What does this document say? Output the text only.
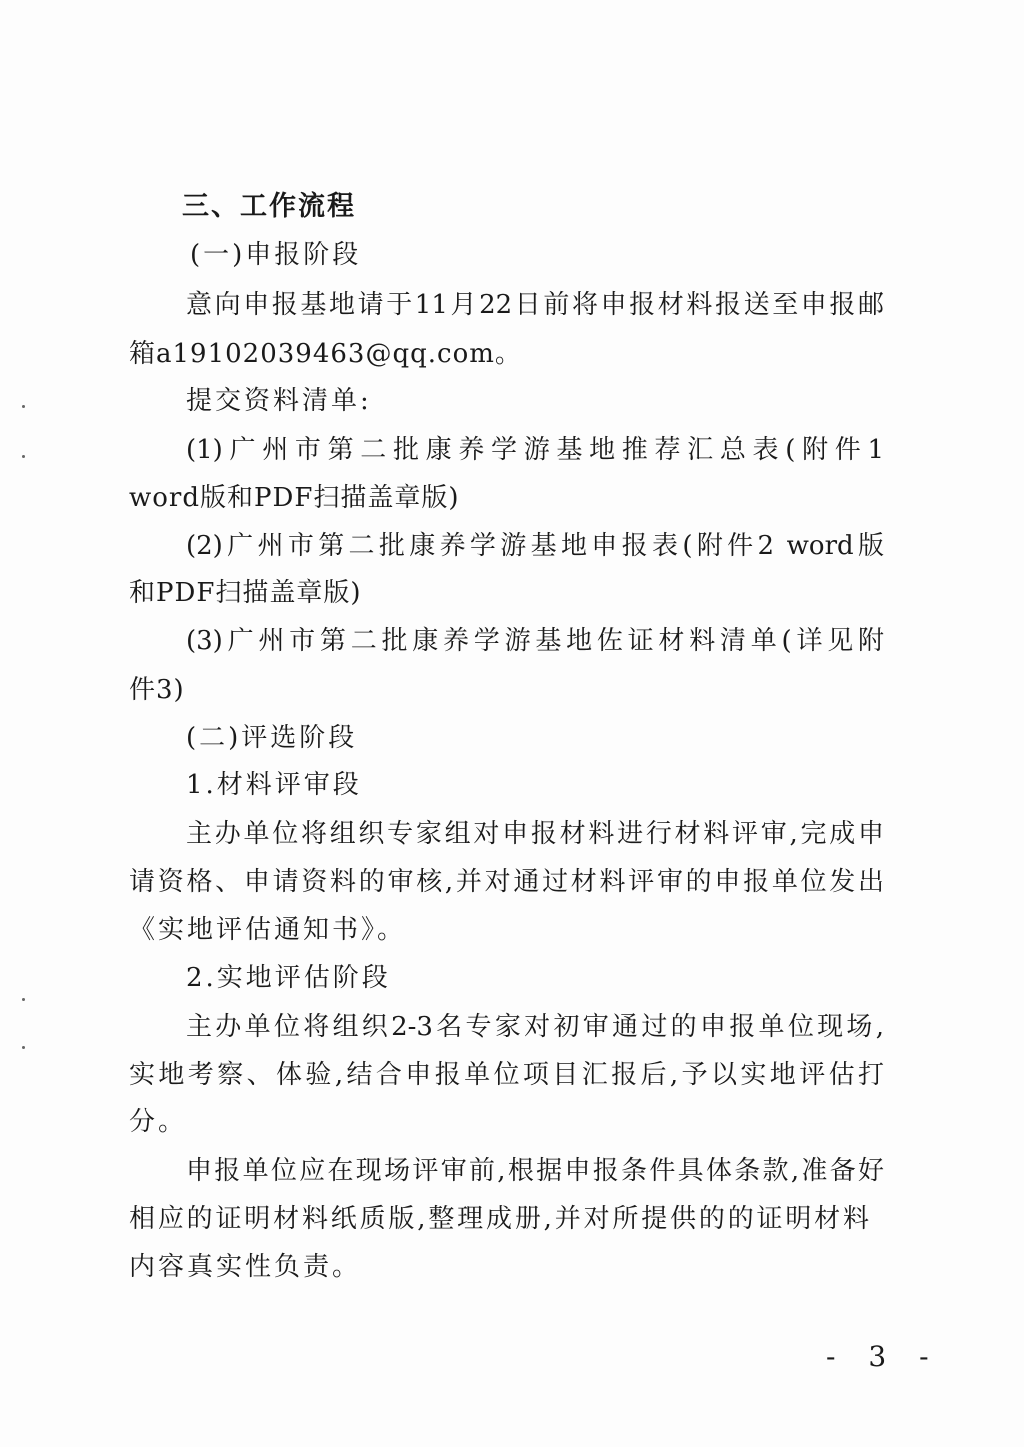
三、工作流程
(一)申报阶段
意向申报基地请于11月22日前将申报材料报送至申报邮
箱a19102039463@qq.com。
提交资料清单:
(1)广州市第二批康养学游基地推荐汇总表(附件1
word版和PDF扫描盖章版)
(2)广州市第二批康养学游基地申报表(附件2 word版
和PDF扫描盖章版)
(3)广州市第二批康养学游基地佐证材料清单(详见附
件3)
(二)评选阶段
1.材料评审段
主办单位将组织专家组对申报材料进行材料评审,完成申
请资格、申请资料的审核,并对通过材料评审的申报单位发出
《实地评估通知书》。
2.实地评估阶段
主办单位将组织2-3名专家对初审通过的申报单位现场,
实地考察、体验,结合申报单位项目汇报后,予以实地评估打
分。
申报单位应在现场评审前,根据申报条件具体条款,准备好
相应的证明材料纸质版,整理成册,并对所提供的的证明材料
内容真实性负责。
- 3 -
